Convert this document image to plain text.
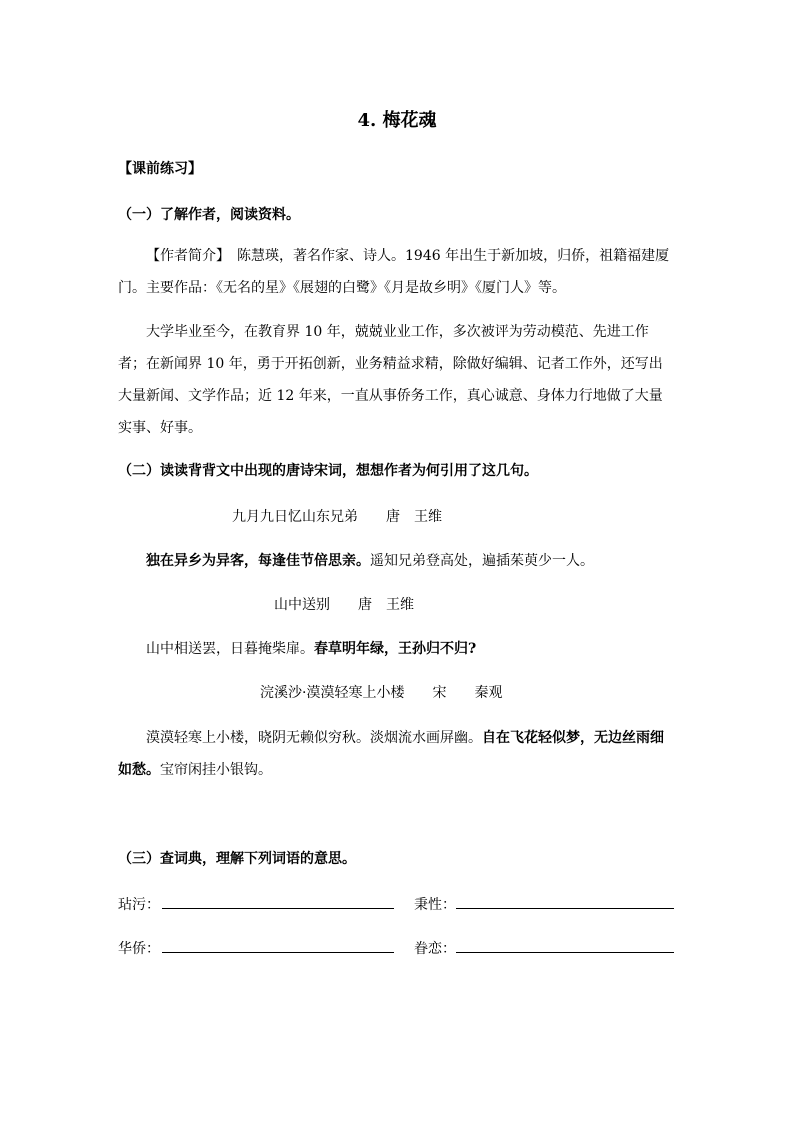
4. 梅花魂
【课前练习】
（一）了解作者，阅读资料。
【作者简介】　 陈慧瑛，著名作家、诗人。1946 年出生于新加坡，归侨，祖籍福建厦门。主要作品：《无名的星》《展翅的白鹭》《月是故乡明》《厦门人》等。
大学毕业至今，在教育界 10 年，兢兢业业工作，多次被评为劳动模范、先进工作者；在新闻界 10 年，勇于开拓创新，业务精益求精，除做好编辑、记者工作外，还写出大量新闻、文学作品；近 12 年来，一直从事侨务工作，真心诚意、身体力行地做了大量实事、好事。
（二）读读背背文中出现的唐诗宋词，想想作者为何引用了这几句。
九月九日忆山东兄弟　　唐　王维
独在异乡为异客，每逢佳节倍思亲。遥知兄弟登高处，遍插茱萸少一人。
山中送别　　唐　王维
山中相送罢，日暮掩柴扉。春草明年绿，王孙归不归?
浣溪沙·漠漠轻寒上小楼　　宋　　秦观
漠漠轻寒上小楼，晓阴无赖似穷秋。淡烟流水画屏幽。自在飞花轻似梦，无边丝雨细如愁。宝帘闲挂小银钩。
（三）查词典，理解下列词语的意思。
玷污：	秉性：
华侨：	眷恋：
